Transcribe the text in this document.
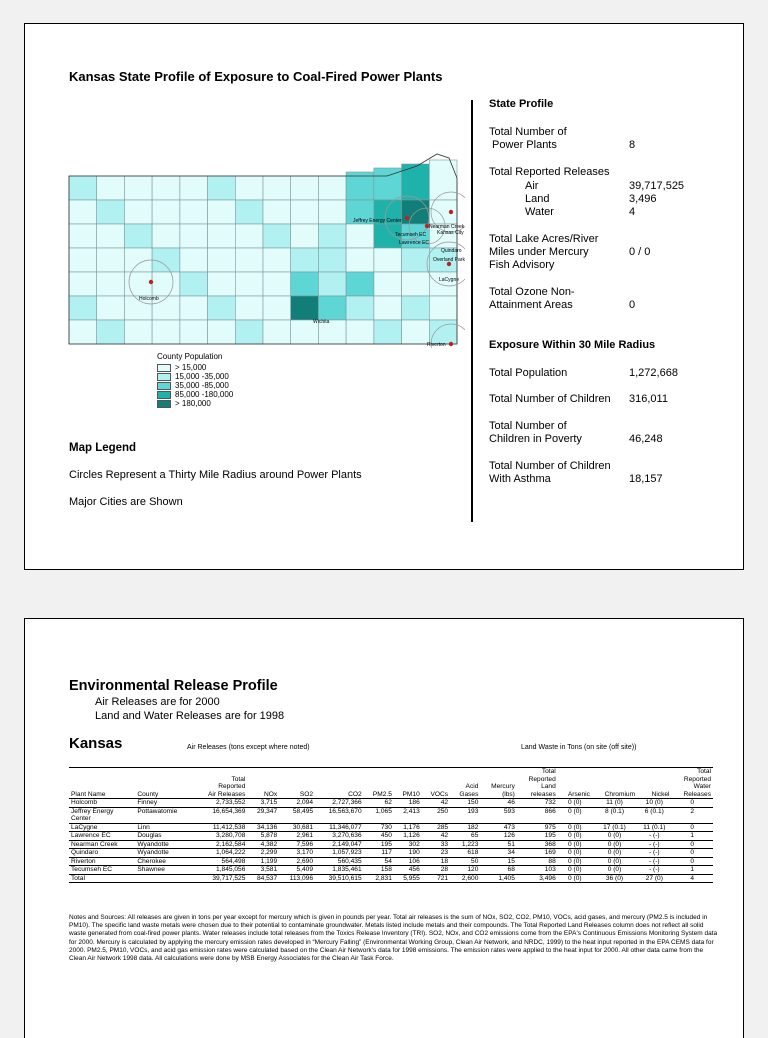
Kansas State Profile of Exposure to Coal-Fired Power Plants
Jeffrey Energy Center
Nearman Creek
Kansas City
Tecumseh EC
Lawrence EC
Quindaro
Overland Park
LaCygne
Holcomb
Wichita
Riverton
County Population
> 15,000
15,000 -35,000
35,000 -85,000
85,000 -180,000
> 180,000
Map Legend
Circles Represent a Thirty Mile Radius around Power Plants
Major Cities are Shown
State Profile
Total Number of
Power Plants	8
Total Reported Releases
Air	39,717,525
Land	3,496
Water	4
Total Lake Acres/River
Miles under Mercury
Fish Advisory
0 / 0
Total Ozone Non-
Attainment Areas	0
Exposure Within 30 Mile Radius
Total Population	1,272,668
Total Number of Children 316,011
Total Number of
Children in Poverty	46,248
Total Number of Children
With Asthma	18,157
Environmental Release Profile
Air Releases are for 2000
Land and Water Releases are for 1998
Kansas	Air Releases (tons except where noted)	Land Waste in Tons (on site (off site))
Plant Name	County	Total
Reported
Air Releases	NOx	SO2	CO2	PM2.5	PM10	VOCs	Acid
Gases	Mercury
(lbs)	Total
Reported
Land
releases	Arsenic	Chromium	Nickel	Total
Reported
Water
Releases
Holcomb	Finney	2,733,552	3,715	2,094	2,727,366	62	186	42	150	46	732	0 (0)	11 (0)	10 (0)	0
Jeffrey Energy
Center	Pottawatomie	16,654,369	29,347	58,495	16,563,670	1,065	2,413	250	193	593	866	0 (0)	8 (0.1)	6 (0.1)	2
LaCygne	Linn	11,412,538	34,136	30,681	11,346,077	730	1,176	285	182	473	975	0 (0)	17 (0.1)	11 (0.1)	0
Lawrence EC	Douglas	3,280,708	5,878	2,961	3,270,636	450	1,126	42	65	126	195	0 (0)	0 (0)	- (-)	1
Nearman Creek	Wyandotte	2,162,584	4,382	7,596	2,149,047	195	302	33	1,223	51	368	0 (0)	0 (0)	- (-)	0
Quindaro	Wyandotte	1,064,222	2,299	3,170	1,057,923	117	190	23	618	34	169	0 (0)	0 (0)	- (-)	0
Riverton	Cherokee	564,498	1,199	2,690	560,435	54	106	18	50	15	88	0 (0)	0 (0)	- (-)	0
Tecumseh EC	Shawnee	1,845,056	3,581	5,409	1,835,461	158	456	28	120	68	103	0 (0)	0 (0)	- (-)	1
Total		39,717,525	84,537	113,096	39,510,615	2,831	5,955	721	2,600	1,405	3,496	0 (0)	36 (0)	27 (0)	4
Notes and Sources: All releases are given in tons per year except for mercury which is given in pounds per year. Total air releases is the sum of NOx, SO2, CO2, PM10, VOCs, acid gases, and mercury (PM2.5 is included in PM10). The specific land waste metals were chosen due to their potential to contaminate groundwater. Metals listed include metals and their compounds. The Total Reported Land Releases column does not reflect all solid waste generated from coal-fired power plants. Water releases include total releases from the Toxics Release Inventory (TRI). SO2, NOx, and CO2 emissions come from the EPA's Continuous Emissions Monitoring System data for 2000. Mercury is calculated by applying the mercury emission rates developed in “Mercury Falling” (Environmental Working Group, Clean Air Network, and NRDC, 1999) to the heat input reported in the EPA CEMS data for 2000. PM2.5, PM10, VOCs, and acid gas emission rates were calculated based on the Clean Air Network's data for 1998 emissions. The emission rates were applied to the heat input for 2000. All other data came from the Clean Air Network 1998 data. All calculations were done by MSB Energy Associates for the Clean Air Task Force.
